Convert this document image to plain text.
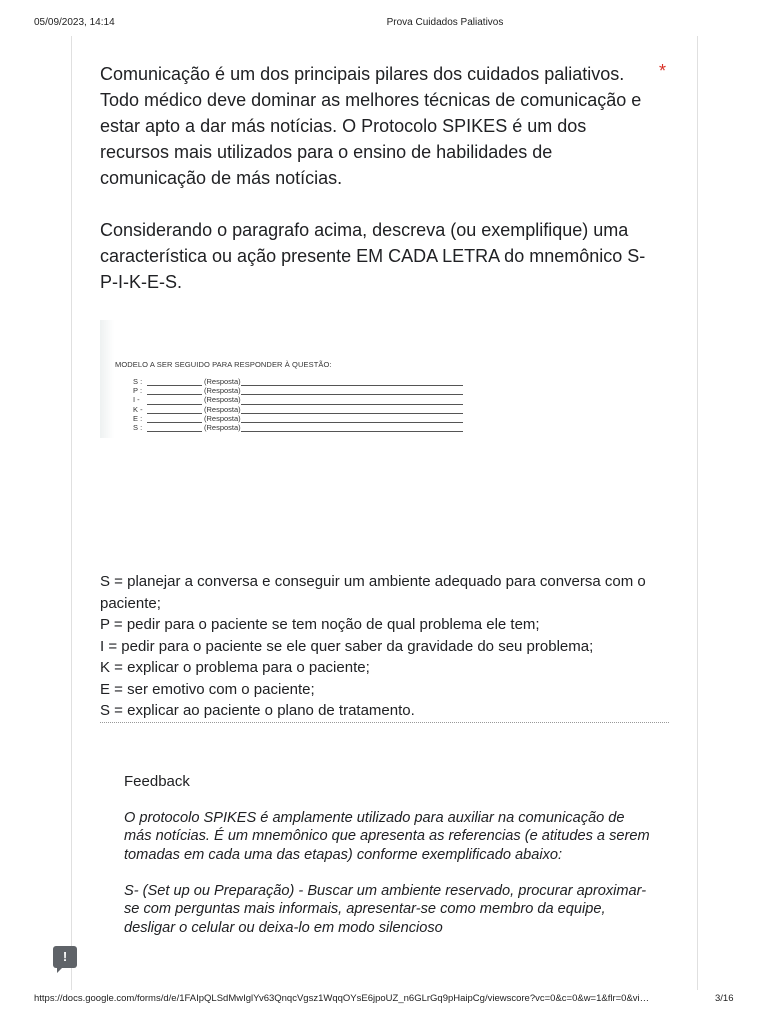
05/09/2023, 14:14	Prova Cuidados Paliativos

Comunicação é um dos principais pilares dos cuidados paliativos. Todo médico deve dominar as melhores técnicas de comunicação e estar apto a dar más notícias. O Protocolo SPIKES é um dos recursos mais utilizados para o ensino de habilidades de comunicação de más notícias.

Considerando o paragrafo acima, descreva (ou exemplifique) uma característica ou ação presente EM CADA LETRA do mnemônico S-P-I-K-E-S.

*
MODELO A SER SEGUIDO PARA RESPONDER À QUESTÃO:
S :	(Resposta)
P :	(Resposta)
I -	(Resposta)
K -	(Resposta)
E :	(Resposta)
S :	(Resposta)
S = planejar a conversa e conseguir um ambiente adequado para conversa com o paciente;
P = pedir para o paciente se tem noção de qual problema ele tem;
I = pedir para o paciente se ele quer saber da gravidade do seu problema;
K = explicar o problema para o paciente;
E = ser emotivo com o paciente;
S = explicar ao paciente o plano de tratamento.
Feedback

O protocolo SPIKES é amplamente utilizado para auxiliar na comunicação de más notícias. É um mnemônico que apresenta as referencias (e atitudes a serem tomadas em cada uma das etapas) conforme exemplificado abaixo:

S- (Set up ou Preparação) - Buscar um ambiente reservado, procurar aproximar-se com perguntas mais informais, apresentar-se como membro da equipe, desligar o celular ou deixa-lo em modo silencioso

!
https://docs.google.com/forms/d/e/1FAIpQLSdMwIglYv63QnqcVgsz1WqqOYsE6jpoUZ_n6GLrGq9pHaipCg/viewscore?vc=0&c=0&w=1&flr=0&vi…	3/16
